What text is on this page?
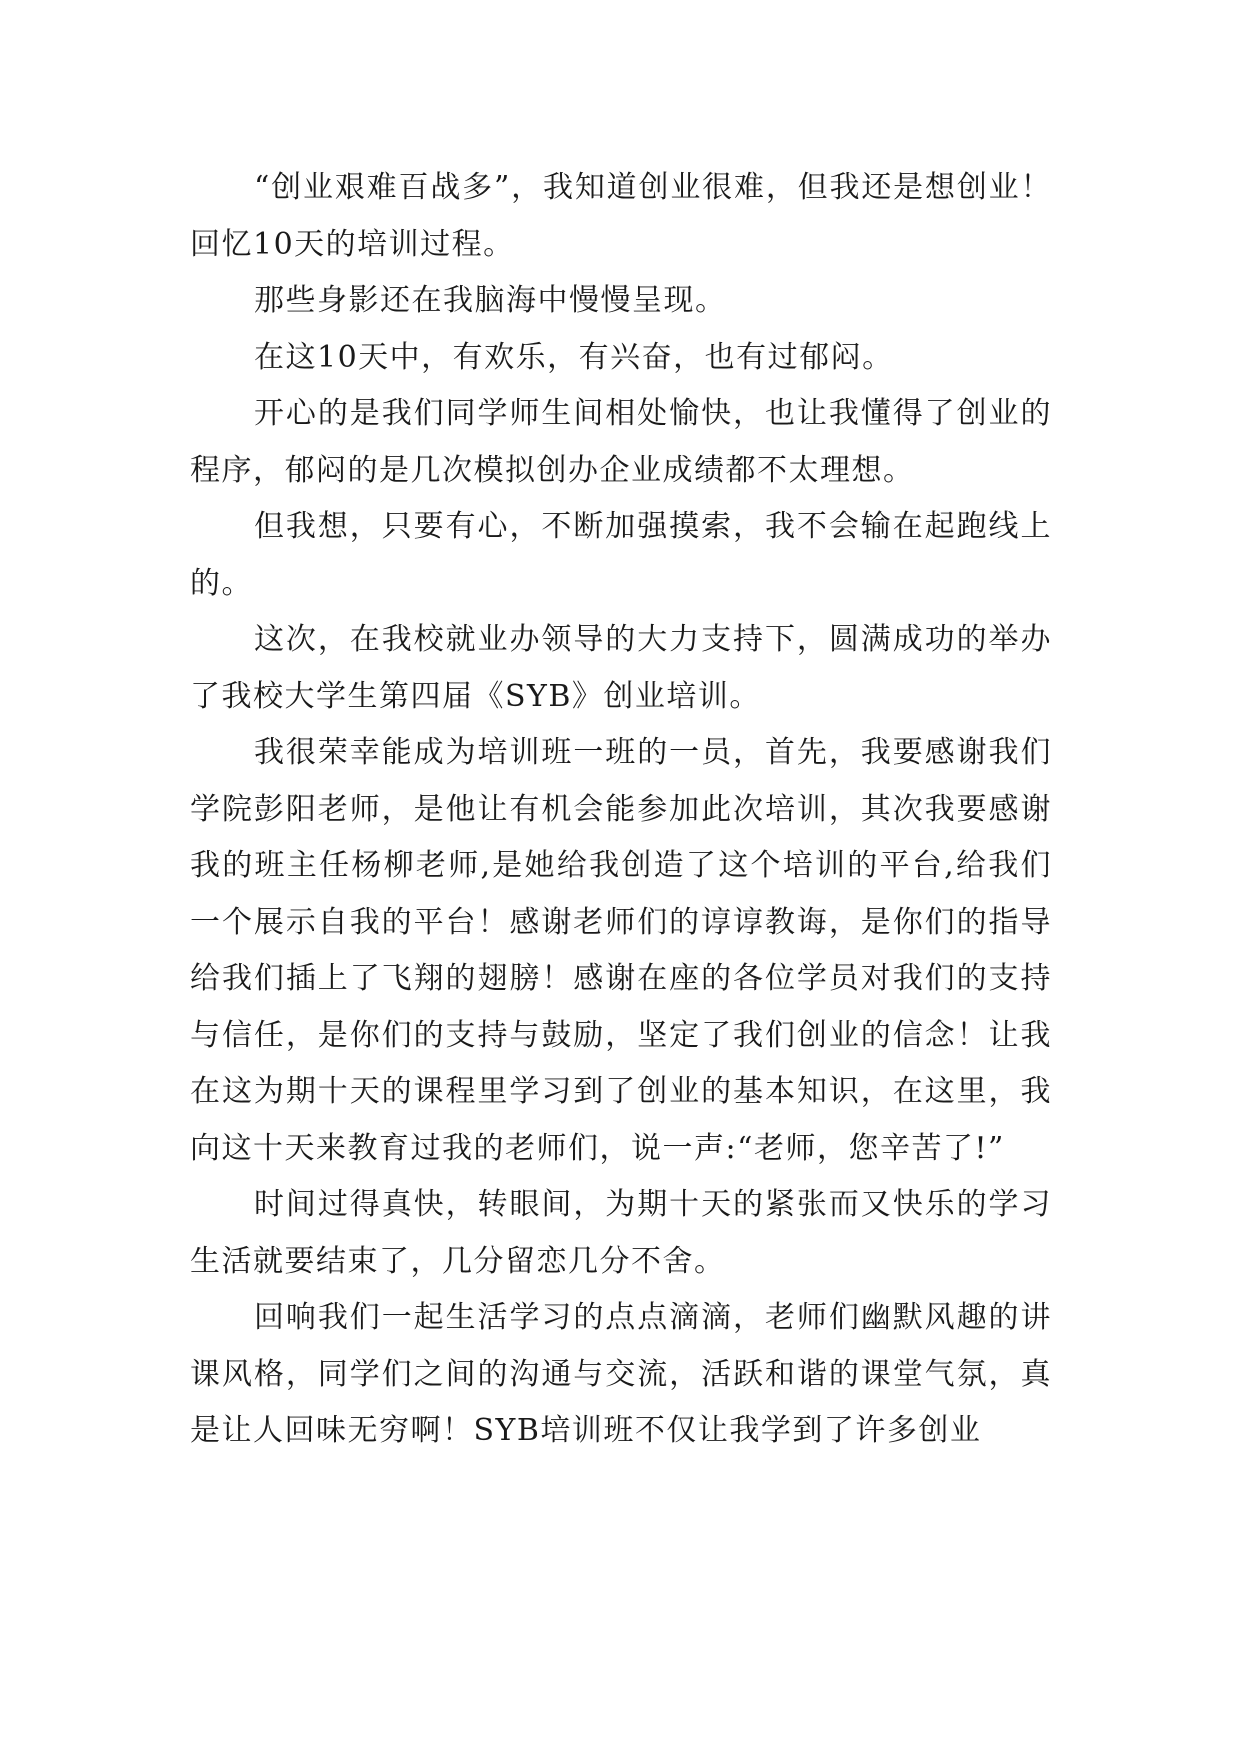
“创业艰难百战多”，我知道创业很难，但我还是想创业！回忆10天的培训过程。

那些身影还在我脑海中慢慢呈现。

在这10天中，有欢乐，有兴奋，也有过郁闷。

开心的是我们同学师生间相处愉快，也让我懂得了创业的程序，郁闷的是几次模拟创办企业成绩都不太理想。

但我想，只要有心，不断加强摸索，我不会输在起跑线上的。

这次，在我校就业办领导的大力支持下，圆满成功的举办了我校大学生第四届《SYB》创业培训。

我很荣幸能成为培训班一班的一员，首先，我要感谢我们学院彭阳老师，是他让有机会能参加此次培训，其次我要感谢我的班主任杨柳老师,是她给我创造了这个培训的平台,给我们一个展示自我的平台！感谢老师们的谆谆教诲，是你们的指导给我们插上了飞翔的翅膀！感谢在座的各位学员对我们的支持与信任，是你们的支持与鼓励，坚定了我们创业的信念！让我在这为期十天的课程里学习到了创业的基本知识，在这里，我向这十天来教育过我的老师们，说一声:“老师，您辛苦了!”

时间过得真快，转眼间，为期十天的紧张而又快乐的学习生活就要结束了，几分留恋几分不舍。

回响我们一起生活学习的点点滴滴，老师们幽默风趣的讲课风格，同学们之间的沟通与交流，活跃和谐的课堂气氛，真是让人回味无穷啊！SYB培训班不仅让我学到了许多创业
